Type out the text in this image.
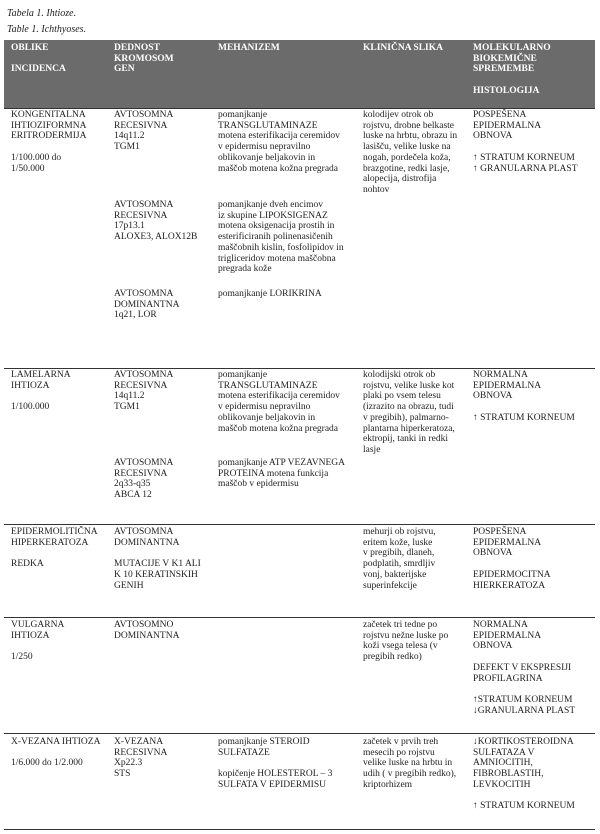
Tabela 1. Ihtioze.
Table 1. Ichthyoses.
OBLIKE

INCIDENCA
DEDNOST
KROMOSOM
GEN
MEHANIZEM	KLINIČNA SLIKA	MOLEKULARNO
BIOKEMIČNE
SPREMEMBE

HISTOLOGIJA
KONGENITALNA
IHTIOZIFORMNA
ERITRODERMIJA

1/100.000 do
1/50.000
kolodijev otrok ob
rojstvu, drobne belkaste
luske na hrbtu, obrazu in
lasišču, velike luske na
nogah, pordečela koža,
brazgotine, redki lasje,
alopecija, distrofija
nohtov
POSPEŠENA
EPIDERMALNA
OBNOVA

↑ STRATUM KORNEUM
↑ GRANULARNA PLAST
AVTOSOMNA
RECESIVNA
14q11.2
TGM1
pomanjkanje
TRANSGLUTAMINAZE
motena esterifikacija ceremidov
v epidermisu nepravilno
oblikovanje beljakovin in
maščob motena kožna pregrada
AVTOSOMNA
RECESIVNA
17p13.1
ALOXE3, ALOX12B
pomanjkanje dveh encimov
iz skupine LIPOKSIGENAZ
motena oksigenacija prostih in
esterificiranih polinenasičenih
maščobnih kislin, fosfolipidov in
trigliceridov motena maščobna
pregrada kože
AVTOSOMNA
DOMINANTNA
1q21, LOR
pomanjkanje LORIKRINA
LAMELARNA
IHTIOZA

1/100.000
kolodijski otrok ob
rojstvu, velike luske kot
plaki po vsem telesu
(izrazito na obrazu, tudi
v pregibih), palmarno-
plantarna hiperkeratoza,
ektropij, tanki in redki
lasje
NORMALNA
EPIDERMALNA
OBNOVA

↑ STRATUM KORNEUM
AVTOSOMNA
RECESIVNA
14q11.2
TGM1
pomanjkanje
TRANSGLUTAMINAZE
motena esterifikacija ceremidov
v epidermisu nepravilno
oblikovanje beljakovin in
maščob motena kožna pregrada
AVTOSOMNA
RECESIVNA
2q33-q35
ABCA 12
pomanjkanje ATP VEZAVNEGA
PROTEINA motena funkcija
maščob v epidermisu
EPIDERMOLITIČNA
HIPERKERATOZA

REDKA
mehurji ob rojstvu,
eritem kože, luske
v pregibih, dlaneh,
podplatih, smrdljiv
vonj, bakterijske
superinfekcije
POSPEŠENA
EPIDERMALNA
OBNOVA

EPIDERMOCITNA
HIERKERATOZA
AVTOSOMNA
DOMINANTNA

MUTACIJE V K1 ALI
K 10 KERATINSKIH
GENIH
VULGARNA
IHTIOZA

1/250
začetek tri tedne po
rojstvu nežne luske po
koži vsega telesa (v
pregibih redko)
NORMALNA
EPIDERMALNA
OBNOVA

DEFEKT V EKSPRESIJI
PROFILAGRINA

↑STRATUM KORNEUM
↓GRANULARNA PLAST
AVTOSOMNO
DOMINANTNA
X-VEZANA IHTIOZA

1/6.000 do 1/2.000
začetek v prvih treh
mesecih po rojstvu
velike luske na hrbtu in
udih ( v pregibih redko),
kriptorhizem
↓KORTIKOSTEROIDNA
SULFATAZA V
AMNIOCITIH,
FIBROBLASTIH,
LEVKOCITIH

↑ STRATUM KORNEUM
X-VEZANA
RECESIVNA
Xp22.3
STS
pomanjkanje STEROID
SULFATAZE

kopičenje HOLESTEROL – 3
SULFATA V EPIDERMISU
